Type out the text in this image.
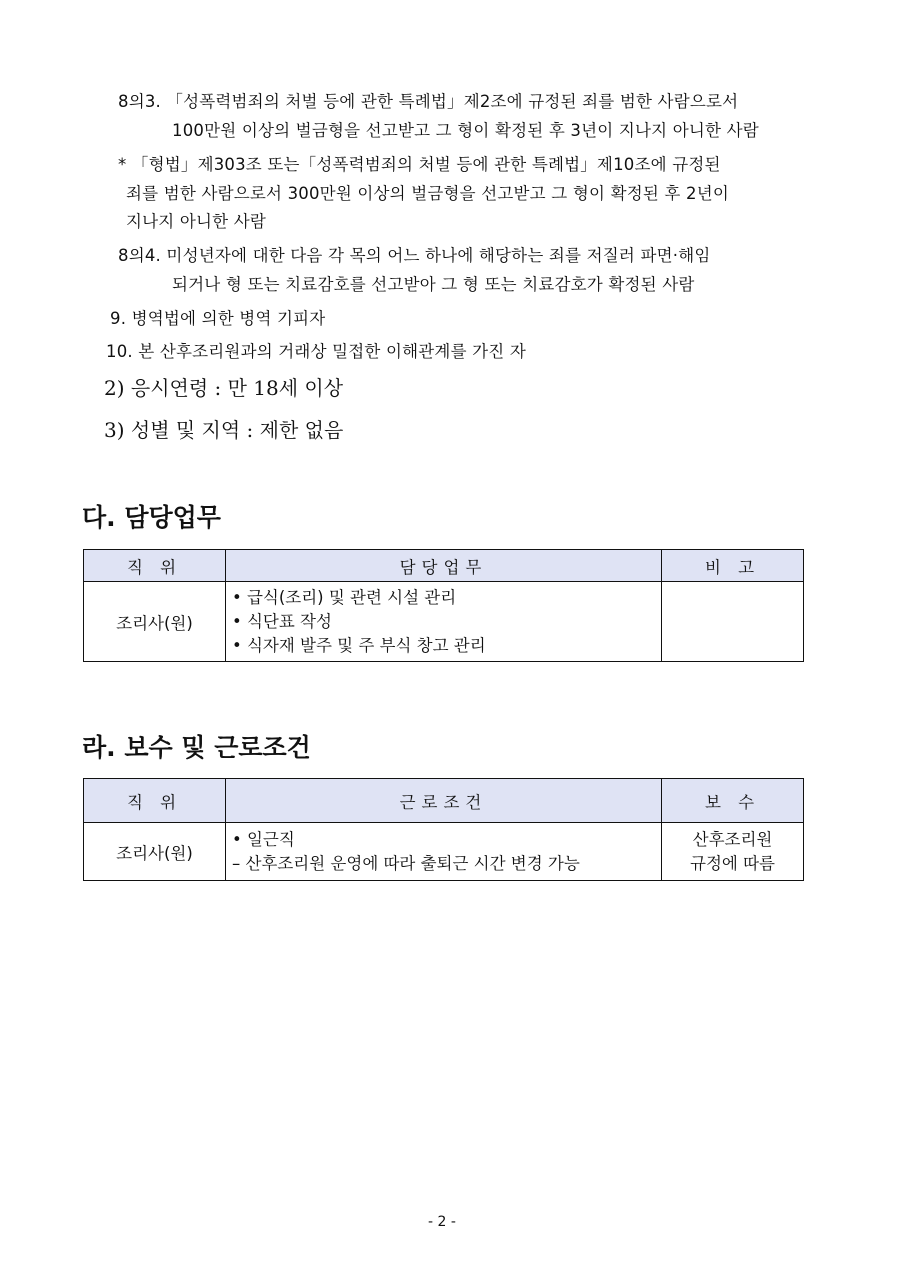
8의3. 「성폭력범죄의 처벌 등에 관한 특례법」제2조에 규정된 죄를 범한 사람으로서
100만원 이상의 벌금형을 선고받고 그 형이 확정된 후 3년이 지나지 아니한 사람
* 「형법」제303조 또는「성폭력범죄의 처벌 등에 관한 특례법」제10조에 규정된
죄를 범한 사람으로서 300만원 이상의 벌금형을 선고받고 그 형이 확정된 후 2년이
지나지 아니한 사람
8의4. 미성년자에 대한 다음 각 목의 어느 하나에 해당하는 죄를 저질러 파면·해임
되거나 형 또는 치료감호를 선고받아 그 형 또는 치료감호가 확정된 사람
9. 병역법에 의한 병역 기피자
10. 본 산후조리원과의 거래상 밀접한 이해관계를 가진 자
2) 응시연령 : 만 18세 이상
3) 성별 및 지역 : 제한 없음
다. 담당업무
직 위	담당업무	비 고
조리사(원)	• 급식(조리) 및 관련 시설 관리
• 식단표 작성
• 식자재 발주 및 주 부식 창고 관리	

라. 보수 및 근로조건
직 위	근로조건	보 수
조리사(원)	• 일근직
– 산후조리원 운영에 따라 출퇴근 시간 변경 가능	산후조리원
규정에 따름
- 2 -
